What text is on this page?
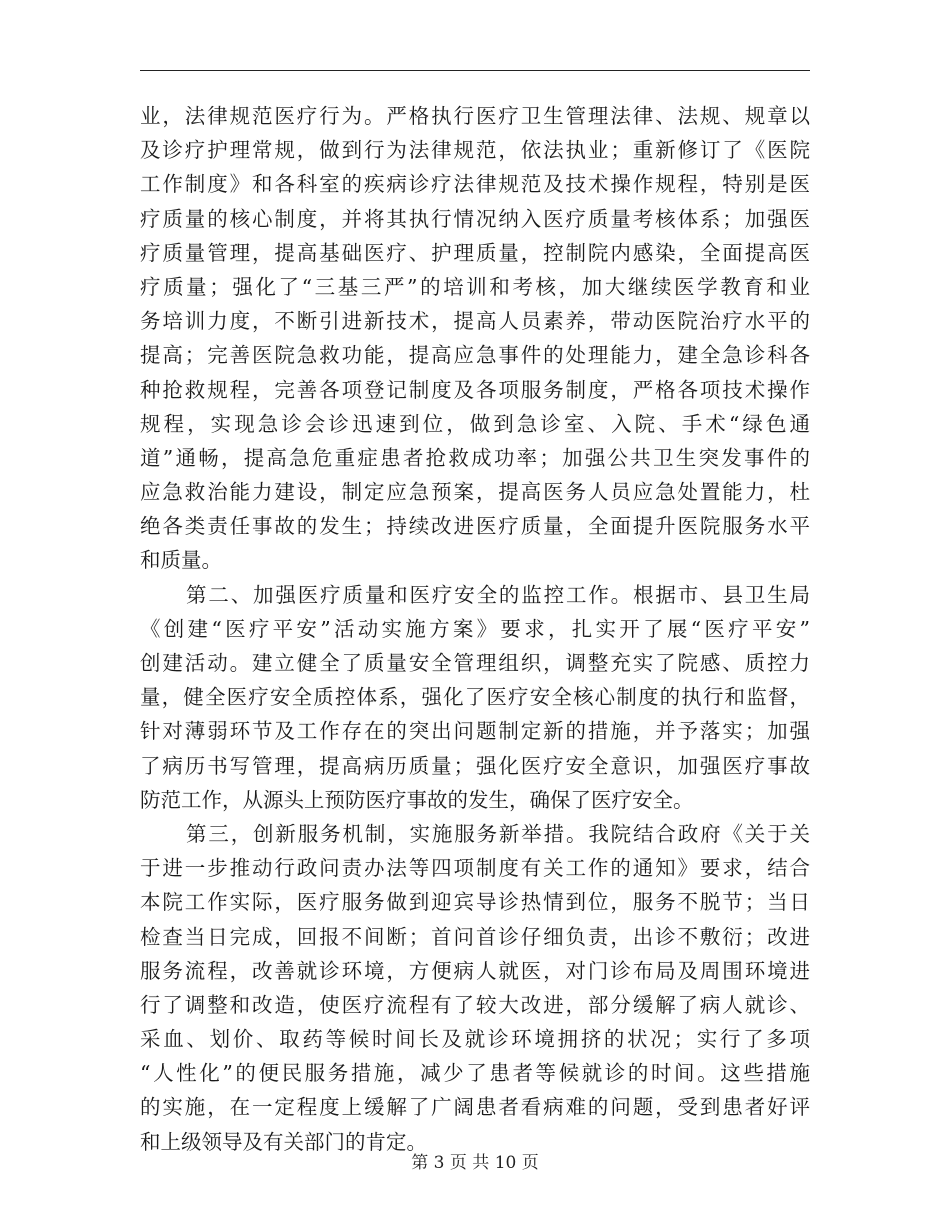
业，法律规范医疗行为。严格执行医疗卫生管理法律、法规、规章以
及诊疗护理常规，做到行为法律规范，依法执业；重新修订了《医院
工作制度》和各科室的疾病诊疗法律规范及技术操作规程，特别是医
疗质量的核心制度，并将其执行情况纳入医疗质量考核体系；加强医
疗质量管理，提高基础医疗、护理质量，控制院内感染，全面提高医
疗质量；强化了“三基三严”的培训和考核，加大继续医学教育和业
务培训力度，不断引进新技术，提高人员素养，带动医院治疗水平的
提高；完善医院急救功能，提高应急事件的处理能力，建全急诊科各
种抢救规程，完善各项登记制度及各项服务制度，严格各项技术操作
规程，实现急诊会诊迅速到位，做到急诊室、入院、手术“绿色通
道”通畅，提高急危重症患者抢救成功率；加强公共卫生突发事件的
应急救治能力建设，制定应急预案，提高医务人员应急处置能力，杜
绝各类责任事故的发生；持续改进医疗质量，全面提升医院服务水平
和质量。
第二、加强医疗质量和医疗安全的监控工作。根据市、县卫生局
《创建“医疗平安”活动实施方案》要求，扎实开了展“医疗平安”
创建活动。建立健全了质量安全管理组织，调整充实了院感、质控力
量，健全医疗安全质控体系，强化了医疗安全核心制度的执行和监督，
针对薄弱环节及工作存在的突出问题制定新的措施，并予落实；加强
了病历书写管理，提高病历质量；强化医疗安全意识，加强医疗事故
防范工作，从源头上预防医疗事故的发生，确保了医疗安全。
第三，创新服务机制，实施服务新举措。我院结合政府《关于关
于进一步推动行政问责办法等四项制度有关工作的通知》要求，结合
本院工作实际，医疗服务做到迎宾导诊热情到位，服务不脱节；当日
检查当日完成，回报不间断；首问首诊仔细负责，出诊不敷衍；改进
服务流程，改善就诊环境，方便病人就医，对门诊布局及周围环境进
行了调整和改造，使医疗流程有了较大改进，部分缓解了病人就诊、
采血、划价、取药等候时间长及就诊环境拥挤的状况；实行了多项
“人性化”的便民服务措施，减少了患者等候就诊的时间。这些措施
的实施，在一定程度上缓解了广阔患者看病难的问题，受到患者好评
和上级领导及有关部门的肯定。
第 3 页 共 10 页
